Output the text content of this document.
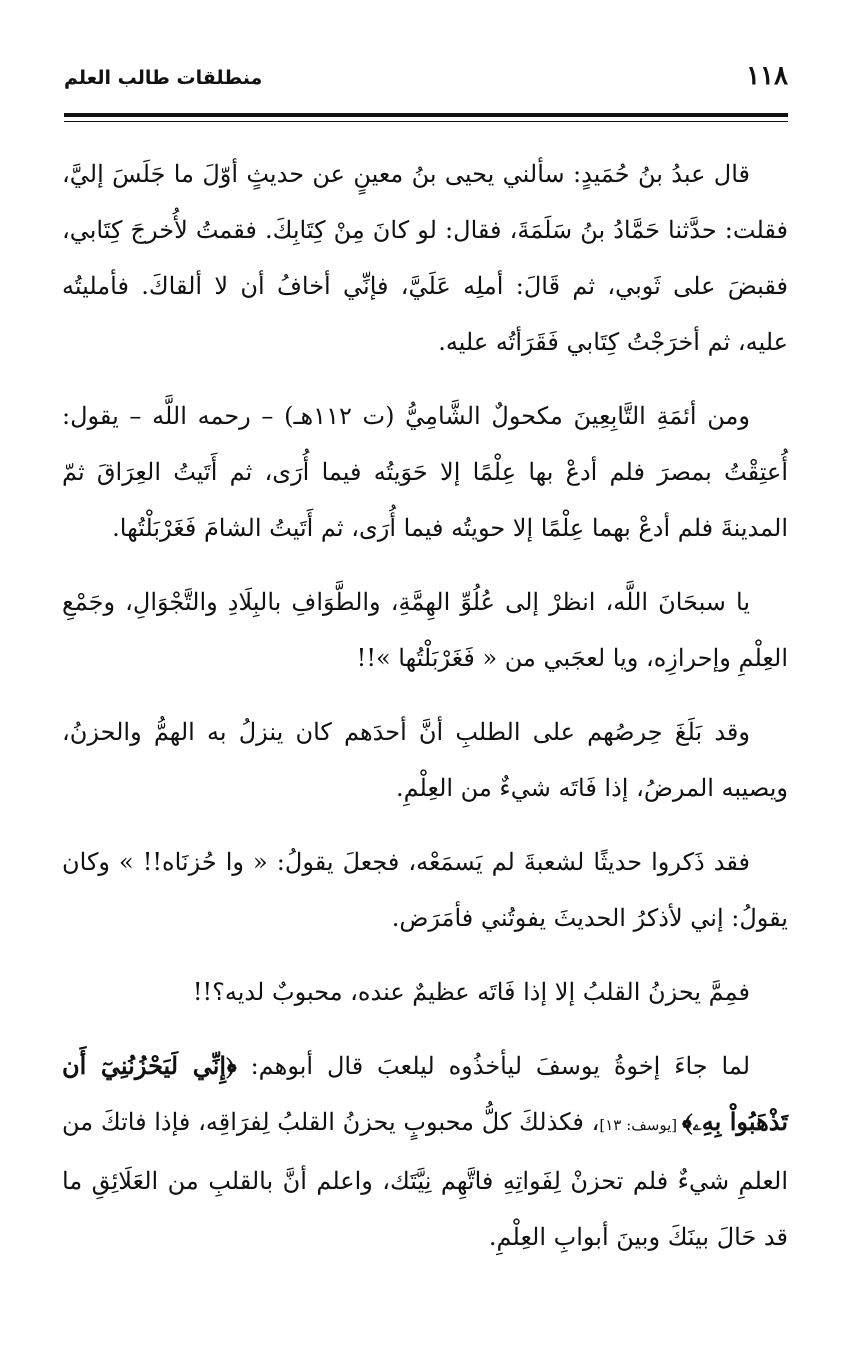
١١٨
منطلقات طالب العلم

قال عبدُ بنُ حُمَيدٍ: سألني يحيى بنُ معينٍ عن حديثٍ أوّلَ ما جَلَسَ إليَّ، فقلت: حدَّثنا حَمَّادُ بنُ سَلَمَةَ، فقال: لو كانَ مِنْ كِتَابِكَ. فقمتُ لأُخرجَ كِتَابي، فقبضَ على ثَوبي، ثم قَالَ: أملِه عَلَيَّ، فإنِّي أخافُ أن لا ألقاكَ. فأمليتُه عليه، ثم أخرَجْتُ كِتَابي فَقَرَأتُه عليه.

ومن أئمَةِ التَّابِعِينَ مكحولٌ الشَّامِيُّ (ت ١١٢هـ) – رحمه اللَّه – يقول: أُعتِقْتُ بمصرَ فلم أدعْ بها عِلْمًا إلا حَوَيتُه فيما أُرَى، ثم أَتَيتُ العِرَاقَ ثمّ المدينةَ فلم أدعْ بهما عِلْمًا إلا حويتُه فيما أُرَى، ثم أَتَيتُ الشامَ فَغَرْبَلْتُها.

يا سبحَانَ اللَّه، انظرْ إلى عُلُوِّ الهِمَّةِ، والطَّوَافِ بالبِلَادِ والتَّجْوَالِ، وجَمْعِ العِلْمِ وإحرازِه، ويا لعجَبي من « فَغَرْبَلْتُها »!!

وقد بَلَغَ حِرصُهم على الطلبِ أنَّ أحدَهم كان ينزلُ به الهمُّ والحزنُ، ويصيبه المرضُ، إذا فَاتَه شيءٌ من العِلْمِ.

فقد ذَكروا حديثًا لشعبةَ لم يَسمَعْه، فجعلَ يقولُ: « وا حُزنَاه!! » وكان يقولُ: إني لأذكرُ الحديثَ يفوتُني فأمَرَض.

فمِمَّ يحزنُ القلبُ إلا إذا فَاتَه عظيمٌ عنده، محبوبٌ لديه؟!!

لما جاءَ إخوةُ يوسفَ ليأخذُوه ليلعبَ قال أبوهم: ﴿إِنِّي لَيَحْزُنُنِيٓ أَن تَذْهَبُواْ بِهِۦ﴾ [يوسف: ١٣]، فكذلكَ كلُّ محبوبٍ يحزنُ القلبُ لِفرَاقِه، فإذا فاتكَ من العلمِ شيءٌ فلم تحزنْ لِفَواتِهِ فاتَّهِم نِيَّتَك، واعلم أنَّ بالقلبِ من العَلَائِقِ ما قد حَالَ بينَكَ وبينَ أبوابِ العِلْمِ.
